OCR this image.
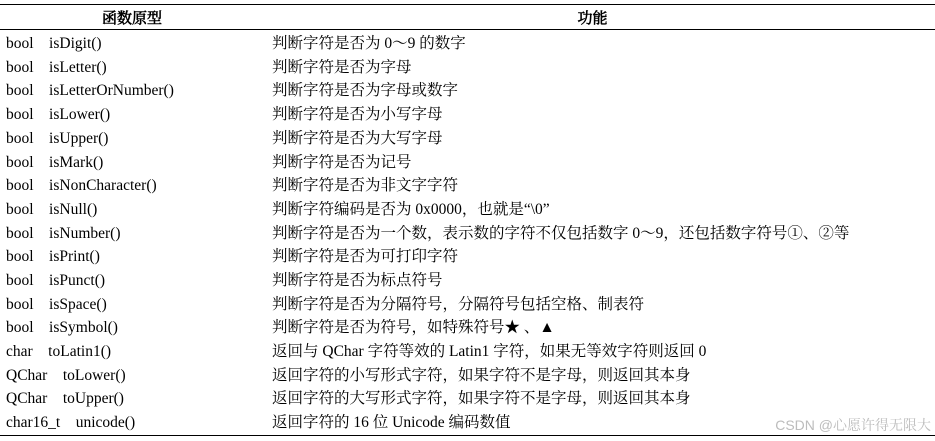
函数原型	功能
bool　isDigit()	判断字符是否为 0～9 的数字
bool　isLetter()	判断字符是否为字母
bool　isLetterOrNumber()	判断字符是否为字母或数字
bool　isLower()	判断字符是否为小写字母
bool　isUpper()	判断字符是否为大写字母
bool　isMark()	判断字符是否为记号
bool　isNonCharacter()	判断字符是否为非文字字符
bool　isNull()	判断字符编码是否为 0x0000，也就是“\0”
bool　isNumber()	判断字符是否为一个数，表示数的字符不仅包括数字 0～9，还包括数字符号①、②等
bool　isPrint()	判断字符是否为可打印字符
bool　isPunct()	判断字符是否为标点符号
bool　isSpace()	判断字符是否为分隔符号，分隔符号包括空格、制表符
bool　isSymbol()	判断字符是否为符号，如特殊符号★ 、▲
char　toLatin1()	返回与 QChar 字符等效的 Latin1 字符，如果无等效字符则返回 0
QChar　toLower()	返回字符的小写形式字符，如果字符不是字母，则返回其本身
QChar　toUpper()	返回字符的大写形式字符，如果字符不是字母，则返回其本身
char16_t　unicode()	返回字符的 16 位 Unicode 编码数值	CSDN @心愿许得无限大
